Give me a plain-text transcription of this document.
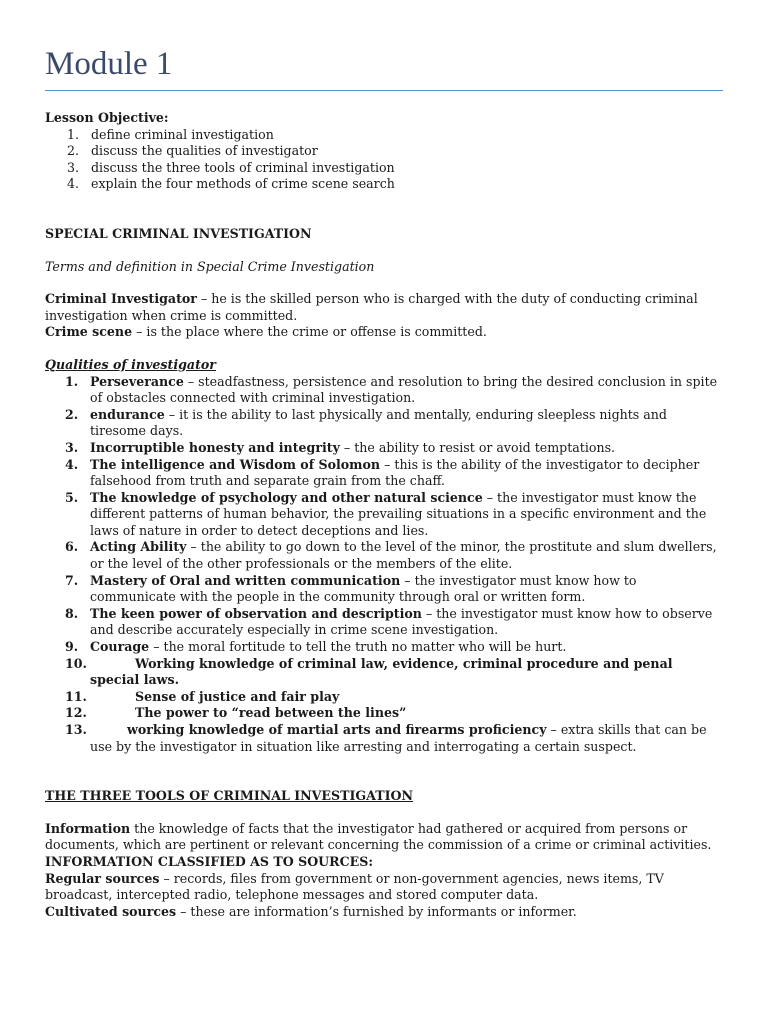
Module 1

Lesson Objective:

1. define criminal investigation
2. discuss the qualities of investigator
3. discuss the three tools of criminal investigation
4. explain the four methods of crime scene search

SPECIAL CRIMINAL INVESTIGATION

Terms and definition in Special Crime Investigation

Criminal Investigator – he is the skilled person who is charged with the duty of conducting criminal investigation when crime is committed.

Crime scene – is the place where the crime or offense is committed.

Qualities of investigator

1. Perseverance – steadfastness, persistence and resolution to bring the desired conclusion in spite of obstacles connected with criminal investigation.
2. endurance – it is the ability to last physically and mentally, enduring sleepless nights and tiresome days.
3. Incorruptible honesty and integrity – the ability to resist or avoid temptations.
4. The intelligence and Wisdom of Solomon – this is the ability of the investigator to decipher falsehood from truth and separate grain from the chaff.
5. The knowledge of psychology and other natural science – the investigator must know the different patterns of human behavior, the prevailing situations in a specific environment and the laws of nature in order to detect deceptions and lies.
6. Acting Ability – the ability to go down to the level of the minor, the prostitute and slum dwellers, or the level of the other professionals or the members of the elite.
7. Mastery of Oral and written communication – the investigator must know how to communicate with the people in the community through oral or written form.
8. The keen power of observation and description – the investigator must know how to observe and describe accurately especially in crime scene investigation.
9. Courage – the moral fortitude to tell the truth no matter who will be hurt.
10.	Working knowledge of criminal law, evidence, criminal procedure and penal special laws.
11.	Sense of justice and fair play
12.	The power to “read between the lines”
13.	working knowledge of martial arts and firearms proficiency – extra skills that can be use by the investigator in situation like arresting and interrogating a certain suspect.

THE THREE TOOLS OF CRIMINAL INVESTIGATION

Information the knowledge of facts that the investigator had gathered or acquired from persons or documents, which are pertinent or relevant concerning the commission of a crime or criminal activities.

INFORMATION CLASSIFIED AS TO SOURCES:

Regular sources – records, files from government or non-government agencies, news items, TV broadcast, intercepted radio, telephone messages and stored computer data.

Cultivated sources – these are information’s furnished by informants or informer.
